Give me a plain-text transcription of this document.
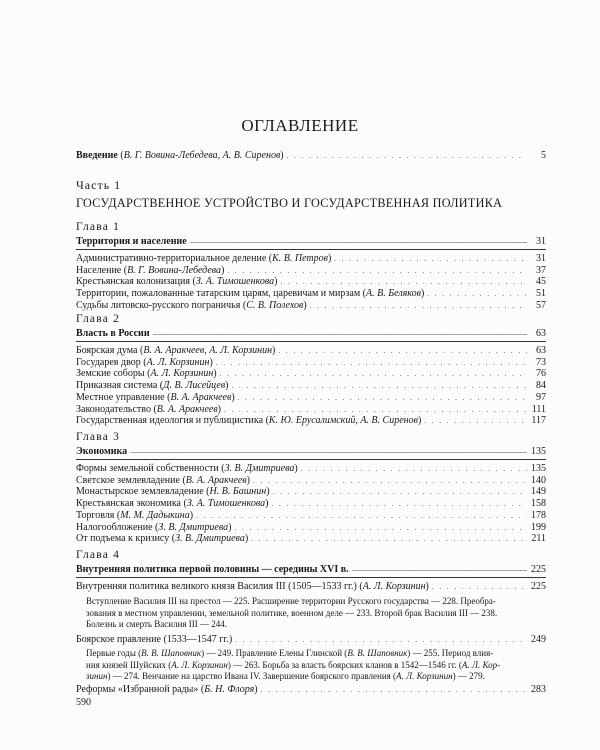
ОГЛАВЛЕНИЕ
Введение (В. Г. Вовина-Лебедева, А. В. Сиренов) . . .	5
Часть 1
ГОСУДАРСТВЕННОЕ УСТРОЙСТВО И ГОСУДАРСТВЕННАЯ ПОЛИТИКА
Глава 1
Территория и население —————	31
Административно-территориальное деление (К. В. Петров) . . .	31
Население (В. Г. Вовина-Лебедева) . . .	37
Крестьянская колонизация (З. А. Тимошенкова) . . .	45
Территории, пожалованные татарским царям, царевичам и мирзам (А. В. Беляков) . . .	51
Судьбы литовско-русского пограничья (С. В. Полехов) . . .	57
Глава 2
Власть в России —————	63
Боярская дума (В. А. Аракчеев, А. Л. Корзинин) . . .	63
Государев двор (А. Л. Корзинин) . . .	73
Земские соборы (А. Л. Корзинин) . . .	76
Приказная система (Д. В. Лисейцев) . . .	84
Местное управление (В. А. Аракчеев) . . .	97
Законодательство (В. А. Аракчеев) . . .	111
Государственная идеология и публицистика (К. Ю. Ерусалимский, А. В. Сиренов) . . .	117
Глава 3
Экономика —————	135
Формы земельной собственности (З. В. Дмитриева) . . .	135
Светское землевладение (В. А. Аракчеев) . . .	140
Монастырское землевладение (Н. В. Башнин) . . .	149
Крестьянская экономика (З. А. Тимошенкова) . . .	158
Торговля (М. М. Дадыкина) . . .	178
Налогообложение (З. В. Дмитриева) . . .	199
От подъема к кризису (З. В. Дмитриева) . . .	211
Глава 4
Внутренняя политика первой половины — середины XVI в. —————	225
Внутренняя политика великого князя Василия III (1505—1533 гг.) (А. Л. Корзинин) . . .	225
Вступление Василия III на престол — 225. Расширение территории Русского государства — 228. Преобра-
зования в местном управлении, земельной политике, военном деле — 233. Второй брак Василия III — 238.
Болезнь и смерть Василия III — 244.
Боярское правление (1533—1547 гг.) . . .	249
Первые годы (В. В. Шаповник) — 249. Правление Елены Глинской (В. В. Шаповник) — 255. Период влия-
ния князей Шуйских (А. Л. Корзинин) — 263. Борьба за власть боярских кланов в 1542—1546 гг. (А. Л. Кор-
зинин) — 274. Венчание на царство Ивана IV. Завершение боярского правления (А. Л. Корзинин) — 279.
Реформы «Избранной рады» (Б. Н. Флоря) . . .	283
590
